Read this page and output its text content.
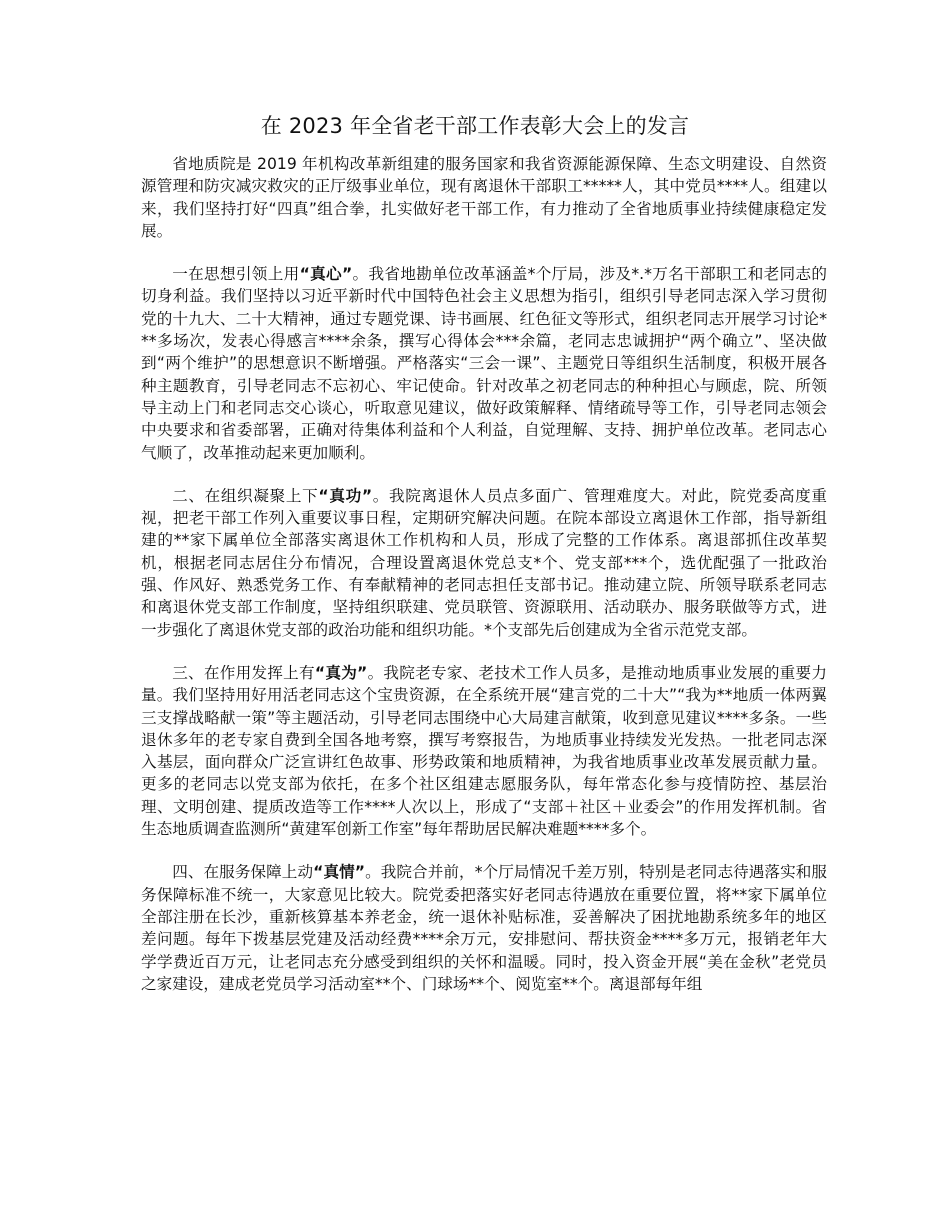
在 2023 年全省老干部工作表彰大会上的发言

省地质院是 2019 年机构改革新组建的服务国家和我省资源能源保障、生态文明建设、自然资源管理和防灾减灾救灾的正厅级事业单位，现有离退休干部职工*****人，其中党员****人。组建以来，我们坚持打好“四真”组合拳，扎实做好老干部工作，有力推动了全省地质事业持续健康稳定发展。

一在思想引领上用“真心”。我省地勘单位改革涵盖*个厅局，涉及*.*万名干部职工和老同志的切身利益。我们坚持以习近平新时代中国特色社会主义思想为指引，组织引导老同志深入学习贯彻党的十九大、二十大精神，通过专题党课、诗书画展、红色征文等形式，组织老同志开展学习讨论***多场次，发表心得感言****余条，撰写心得体会***余篇，老同志忠诚拥护“两个确立”、坚决做到“两个维护”的思想意识不断增强。严格落实“三会一课”、主题党日等组织生活制度，积极开展各种主题教育，引导老同志不忘初心、牢记使命。针对改革之初老同志的种种担心与顾虑，院、所领导主动上门和老同志交心谈心，听取意见建议，做好政策解释、情绪疏导等工作，引导老同志领会中央要求和省委部署，正确对待集体利益和个人利益，自觉理解、支持、拥护单位改革。老同志心气顺了，改革推动起来更加顺利。

二、在组织凝聚上下“真功”。我院离退休人员点多面广、管理难度大。对此，院党委高度重视，把老干部工作列入重要议事日程，定期研究解决问题。在院本部设立离退休工作部，指导新组建的**家下属单位全部落实离退休工作机构和人员，形成了完整的工作体系。离退部抓住改革契机，根据老同志居住分布情况，合理设置离退休党总支*个、党支部***个，选优配强了一批政治强、作风好、熟悉党务工作、有奉献精神的老同志担任支部书记。推动建立院、所领导联系老同志和离退休党支部工作制度，坚持组织联建、党员联管、资源联用、活动联办、服务联做等方式，进一步强化了离退休党支部的政治功能和组织功能。*个支部先后创建成为全省示范党支部。

三、在作用发挥上有“真为”。我院老专家、老技术工作人员多，是推动地质事业发展的重要力量。我们坚持用好用活老同志这个宝贵资源，在全系统开展“建言党的二十大”“我为**地质一体两翼三支撑战略献一策”等主题活动，引导老同志围绕中心大局建言献策，收到意见建议****多条。一些退休多年的老专家自费到全国各地考察，撰写考察报告，为地质事业持续发光发热。一批老同志深入基层，面向群众广泛宣讲红色故事、形势政策和地质精神，为我省地质事业改革发展贡献力量。更多的老同志以党支部为依托，在多个社区组建志愿服务队，每年常态化参与疫情防控、基层治理、文明创建、提质改造等工作****人次以上，形成了“支部＋社区＋业委会”的作用发挥机制。省生态地质调查监测所“黄建军创新工作室”每年帮助居民解决难题****多个。

四、在服务保障上动“真情”。我院合并前，*个厅局情况千差万别，特别是老同志待遇落实和服务保障标准不统一，大家意见比较大。院党委把落实好老同志待遇放在重要位置，将**家下属单位全部注册在长沙，重新核算基本养老金，统一退休补贴标准，妥善解决了困扰地勘系统多年的地区差问题。每年下拨基层党建及活动经费****余万元，安排慰问、帮扶资金****多万元，报销老年大学学费近百万元，让老同志充分感受到组织的关怀和温暖。同时，投入资金开展“美在金秋”老党员之家建设，建成老党员学习活动室**个、门球场**个、阅览室**个。离退部每年组
